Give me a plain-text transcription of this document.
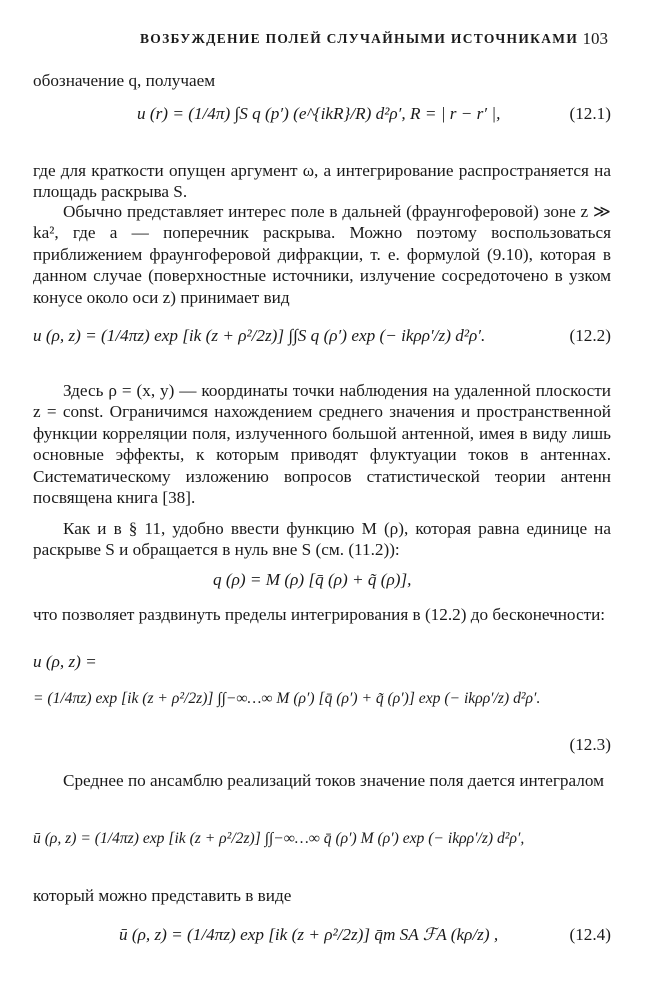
ВОЗБУЖДЕНИЕ ПОЛЕЙ СЛУЧАЙНЫМИ ИСТОЧНИКАМИ 103

обозначение q, получаем

u (r) = (1/4π) ∫S q (p′) (e^{ikR}/R) d²ρ′, R = | r − r′ |,	(12.1)

где для краткости опущен аргумент ω, а интегрирование распространяется на площадь раскрыва S.

Обычно представляет интерес поле в дальней (фраунгоферовой) зоне z ≫ ka², где a — поперечник раскрыва. Можно поэтому воспользоваться приближением фраунгоферовой дифракции, т. е. формулой (9.10), которая в данном случае (поверхностные источники, излучение сосредоточено в узком конусе около оси z) принимает вид

u (ρ, z) = (1/4πz) exp [ik (z + ρ²/2z)] ∫∫S q (ρ′) exp (− ikρρ′/z) d²ρ′.	(12.2)

Здесь ρ = (x, y) — координаты точки наблюдения на удаленной плоскости z = const. Ограничимся нахождением среднего значения и пространственной функции корреляции поля, излученного большой антенной, имея в виду лишь основные эффекты, к которым приводят флуктуации токов в антеннах. Систематическому изложению вопросов статистической теории антенн посвящена книга [38].

Как и в § 11, удобно ввести функцию M (ρ), которая равна единице на раскрыве S и обращается в нуль вне S (см. (11.2)):

q (ρ) = M (ρ) [q̄ (ρ) + q̃ (ρ)],

что позволяет раздвинуть пределы интегрирования в (12.2) до бесконечности:

u (ρ, z) =
= (1/4πz) exp [ik (z + ρ²/2z)] ∫∫−∞…∞ M (ρ′) [q̄ (ρ′) + q̃ (ρ′)] exp (− ikρρ′/z) d²ρ′.
(12.3)

Среднее по ансамблю реализаций токов значение поля дается интегралом

ū (ρ, z) = (1/4πz) exp [ik (z + ρ²/2z)] ∫∫−∞…∞ q̄ (ρ′) M (ρ′) exp (− ikρρ′/z) d²ρ′,

который можно представить в виде

ū (ρ, z) = (1/4πz) exp [ik (z + ρ²/2z)] q̄m SA ℱA (kρ/z) ,	(12.4)
